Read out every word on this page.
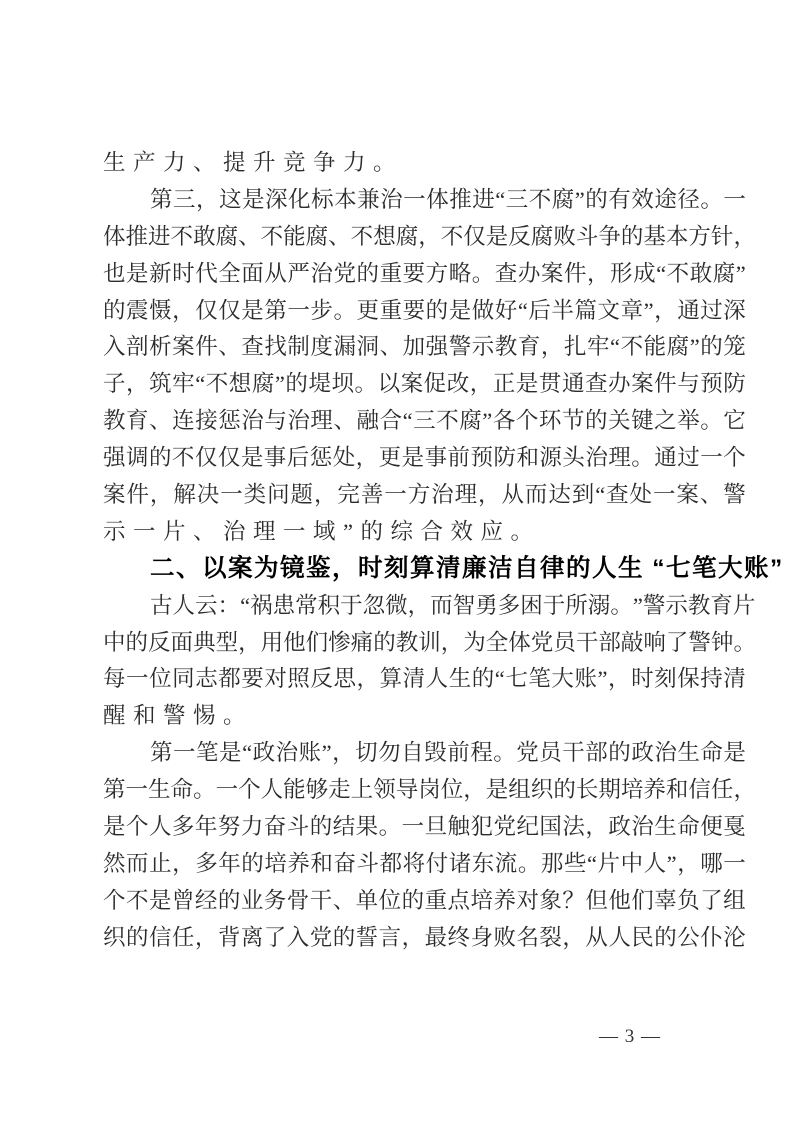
生产力、提升竞争力。
第 三 ， 这 是 深 化 标 本 兼 治 一 体 推 进 “ 三 不 腐 ” 的 有 效 途 径 。 一
体 推 进 不 敢 腐 、 不 能 腐 、 不 想 腐 ， 不 仅 是 反 腐 败 斗 争 的 基 本 方 针 ，
也 是 新 时 代 全 面 从 严 治 党 的 重 要 方 略 。 查 办 案 件 ， 形 成 “ 不 敢 腐 ”
的 震 慑 ， 仅 仅 是 第 一 步 。 更 重 要 的 是 做 好 “ 后 半 篇 文 章 ” ， 通 过 深
入 剖 析 案 件 、 查 找 制 度 漏 洞 、 加 强 警 示 教 育 ， 扎 牢 “ 不 能 腐 ” 的 笼
子 ， 筑 牢 “ 不 想 腐 ” 的 堤 坝 。 以 案 促 改 ， 正 是 贯 通 查 办 案 件 与 预 防
教 育 、 连 接 惩 治 与 治 理 、 融 合 “ 三 不 腐 ” 各 个 环 节 的 关 键 之 举 。 它
强 调 的 不 仅 仅 是 事 后 惩 处 ， 更 是 事 前 预 防 和 源 头 治 理 。 通 过 一 个
案 件 ， 解 决 一 类 问 题 ， 完 善 一 方 治 理 ， 从 而 达 到 “ 查 处 一 案 、 警
示一片、治理一域”的综合效应。
二、以案为镜鉴，时刻算清廉洁自律的人生 “七笔大账”
古 人 云 ： “ 祸 患 常 积 于 忽 微 ， 而 智 勇 多 困 于 所 溺 。 ” 警 示 教 育 片
中 的 反 面 典 型 ， 用 他 们 惨 痛 的 教 训 ， 为 全 体 党 员 干 部 敲 响 了 警 钟 。
每 一 位 同 志 都 要 对 照 反 思 ， 算 清 人 生 的 “ 七 笔 大 账 ” ， 时 刻 保 持 清
醒和警惕。
第 一 笔 是 “ 政 治 账 ” ， 切 勿 自 毁 前 程 。 党 员 干 部 的 政 治 生 命 是
第 一 生 命 。 一 个 人 能 够 走 上 领 导 岗 位 ， 是 组 织 的 长 期 培 养 和 信 任 ，
是 个 人 多 年 努 力 奋 斗 的 结 果 。 一 旦 触 犯 党 纪 国 法 ， 政 治 生 命 便 戛
然 而 止 ， 多 年 的 培 养 和 奋 斗 都 将 付 诸 东 流 。 那 些 “ 片 中 人 ” ， 哪 一
个 不 是 曾 经 的 业 务 骨 干 、 单 位 的 重 点 培 养 对 象 ？ 但 他 们 辜 负 了 组
织 的 信 任 ， 背 离 了 入 党 的 誓 言 ， 最 终 身 败 名 裂 ， 从 人 民 的 公 仆 沦
— 3 —
